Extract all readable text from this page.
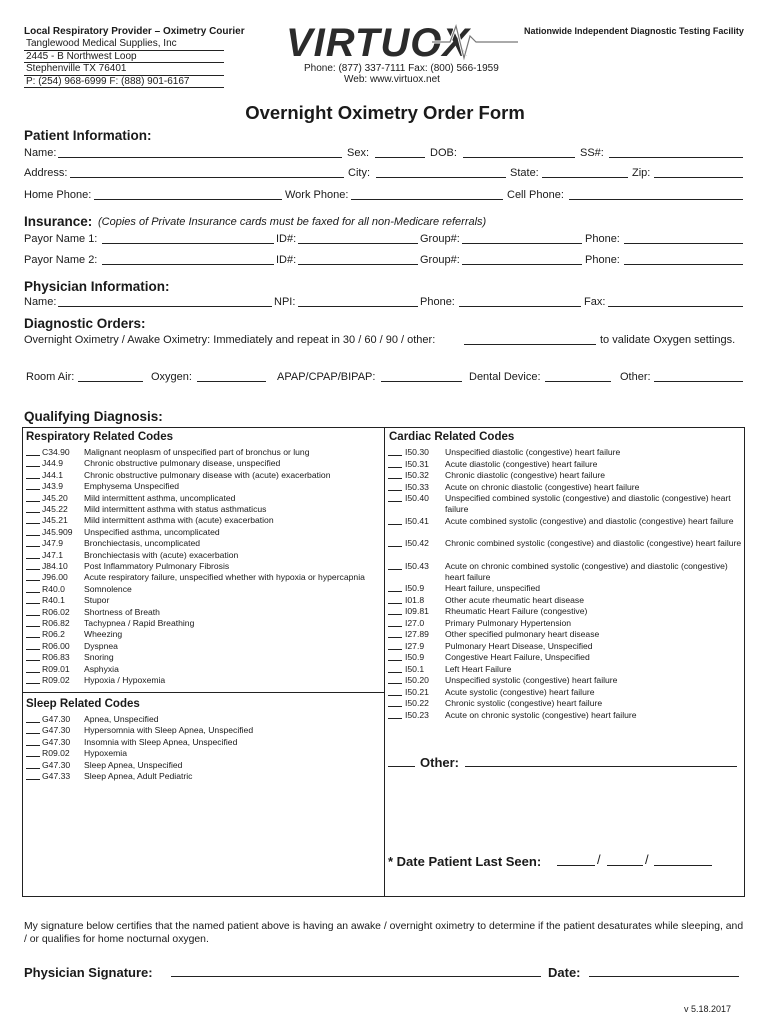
Local Respiratory Provider – Oximetry Courier
Tanglewood Medical Supplies, Inc
2445 - B Northwest Loop
Stephenville TX 76401
P: (254) 968-6999 F: (888) 901-6167
VIRTUOX	Nationwide Independent Diagnostic Testing Facility
Phone: (877) 337-7111 Fax: (800) 566-1959
Web: www.virtuox.net
Overnight Oximetry Order Form
Patient Information:
Name:	Sex:	DOB:	SS#:
Address:	City:	State:	Zip:
Home Phone:	Work Phone:	Cell Phone:
Insurance: (Copies of Private Insurance cards must be faxed for all non-Medicare referrals)
Payor Name 1:	ID#:	Group#:	Phone:
Payor Name 2:	ID#:	Group#:	Phone:
Physician Information:
Name:	NPI:	Phone:	Fax:
Diagnostic Orders:
Overnight Oximetry / Awake Oximetry: Immediately and repeat in 30 / 60 / 90 / other:	to validate Oxygen settings.
Room Air:	Oxygen:	APAP/CPAP/BIPAP:	Dental Device:	Other:
Qualifying Diagnosis:
Respiratory Related Codes	Cardiac Related Codes
Sleep Related Codes
C34.90 Malignant neoplasm of unspecified part of bronchus or lung
J44.9 Chronic obstructive pulmonary disease, unspecified
J44.1 Chronic obstructive pulmonary disease with (acute) exacerbation
J43.9 Emphysema Unspecified
J45.20 Mild intermittent asthma, uncomplicated
J45.22 Mild intermittent asthma with status asthmaticus
J45.21 Mild intermittent asthma with (acute) exacerbation
J45.909 Unspecified asthma, uncomplicated
J47.9 Bronchiectasis, uncomplicated
J47.1 Bronchiectasis with (acute) exacerbation
J84.10 Post Inflammatory Pulmonary Fibrosis
J96.00 Acute respiratory failure, unspecified whether with hypoxia or hypercapnia
R40.0 Somnolence
R40.1 Stupor
R06.02 Shortness of Breath
R06.82 Tachypnea / Rapid Breathing
R06.2 Wheezing
R06.00 Dyspnea
R06.83 Snoring
R09.01 Asphyxia
R09.02 Hypoxia / Hypoxemia
G47.30 Apnea, Unspecified
G47.30 Hypersomnia with Sleep Apnea, Unspecified
G47.30 Insomnia with Sleep Apnea, Unspecified
R09.02 Hypoxemia
G47.30 Sleep Apnea, Unspecified
G47.33 Sleep Apnea, Adult Pediatric
I50.30 Unspecified diastolic (congestive) heart failure
I50.31 Acute diastolic (congestive) heart failure
I50.32 Chronic diastolic (congestive) heart failure
I50.33 Acute on chronic diastolic (congestive) heart failure
I50.40 Unspecified combined systolic (congestive) and diastolic (congestive) heart failure
I50.41 Acute combined systolic (congestive) and diastolic (congestive) heart failure
I50.42 Chronic combined systolic (congestive) and diastolic (congestive) heart failure
I50.43 Acute on chronic combined systolic (congestive) and diastolic (congestive) heart failure
I50.9 Heart failure, unspecified
I01.8 Other acute rheumatic heart disease
I09.81 Rheumatic Heart Failure (congestive)
I27.0 Primary Pulmonary Hypertension
I27.89 Other specified pulmonary heart disease
I27.9 Pulmonary Heart Disease, Unspecified
I50.9 Congestive Heart Failure, Unspecified
I50.1 Left Heart Failure
I50.20 Unspecified systolic (congestive) heart failure
I50.21 Acute systolic (congestive) heart failure
I50.22 Chronic systolic (congestive) heart failure
I50.23 Acute on chronic systolic (congestive) heart failure
Other:
* Date Patient Last Seen:	/	/
My signature below certifies that the named patient above is having an awake / overnight oximetry to determine if the patient desaturates while sleeping, and / or qualifies for home nocturnal oxygen.
Physician Signature:	Date:
v 5.18.2017
